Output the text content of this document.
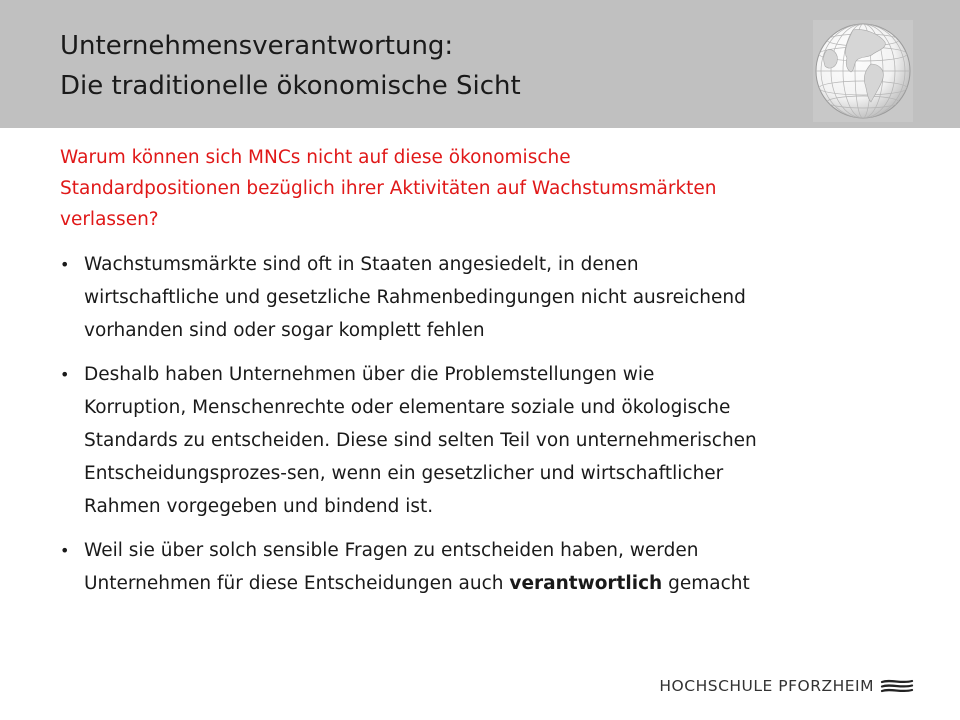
Unternehmensverantwortung:
Die traditionelle ökonomische Sicht
Warum können sich MNCs nicht auf diese ökonomische
Standardpositionen bezüglich ihrer Aktivitäten auf Wachstumsmärkten
verlassen?
• Wachstumsmärkte sind oft in Staaten angesiedelt, in denen
wirtschaftliche und gesetzliche Rahmenbedingungen nicht ausreichend
vorhanden sind oder sogar komplett fehlen
• Deshalb haben Unternehmen über die Problemstellungen wie
Korruption, Menschenrechte oder elementare soziale und ökologische
Standards zu entscheiden. Diese sind selten Teil von unternehmerischen
Entscheidungsprozes-sen, wenn ein gesetzlicher und wirtschaftlicher
Rahmen vorgegeben und bindend ist.
• Weil sie über solch sensible Fragen zu entscheiden haben, werden
Unternehmen für diese Entscheidungen auch verantwortlich gemacht
HOCHSCHULE PFORZHEIM
